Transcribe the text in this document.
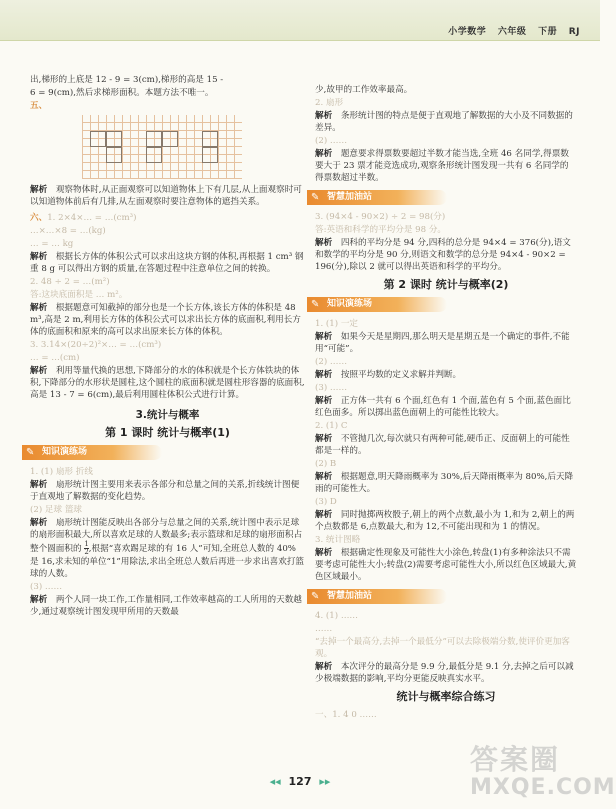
小学数学 六年级 下册 RJ

出,梯形的上底是 12 - 9 = 3(cm),梯形的高是 15 -

6 = 9(cm),然后求梯形面积。本题方法不唯一。

五、

解析　 观察物体时,从正面观察可以知道物体上下有几层,从上面观察时可以知道物体前后有几排,从左面观察时要注意物体的遮挡关系。

六、1. 2×4×… = …(cm³)

…×…×8 = …(kg)

… = … kg

解析　 根据长方体的体积公式可以求出这块方钢的体积,再根据 1 cm³ 钢重 8 g 可以得出方钢的质量,在答题过程中注意单位之间的转换。

2. 48 ÷ 2 = …(m²)

答:这块底面积是 … m²。

解析　 根据题意可知截掉的部分也是一个长方体,该长方体的体积是 48 m³,高是 2 m,利用长方体的体积公式可以求出长方体的底面积,利用长方体的底面积和原来的高可以求出原来长方体的体积。

3. 3.14×(20÷2)²×… = …(cm³)

… = …(cm)

解析　 利用等量代换的思想,下降部分的水的体积就是个长方体铁块的体积,下降部分的水形状是圆柱,这个圆柱的底面积就是圆柱形容器的底面积,高是 13 - 7 = 6(cm),最后利用圆柱体积公式进行计算。

3.统计与概率
第 1 课时 统计与概率(1)
✎ 知识演练场

1. (1) 扇形 折线

解析　 扇形统计图主要用来表示各部分和总量之间的关系,折线统计图便于直观地了解数据的变化趋势。

(2) 足球 篮球

解析　 扇形统计图能反映出各部分与总量之间的关系,统计图中表示足球的扇形面积最大,所以喜欢足球的人数最多;表示篮球和足球的扇形面积占整个圆面积的 $\frac{1}{2}$ ,根据“喜欢踢足球的有 16 人”可知,全班总人数的 40% 是 16,求未知的单位“1”用除法,求出全班总人数后再进一步求出喜欢打篮球的人数。

(3) ……

解析　 两个人同一块工作,工作量相同,工作效率越高的工人所用的天数越少,通过观察统计图发现甲所用的天数最

少,故甲的工作效率最高。

2. 扇形

解析　 条形统计图的特点是便于直观地了解数据的大小及不同数据的差异。

(2) ……

解析　 题意要求得票数要超过半数才能当选,全班 46 名同学,得票数要大于 23 票才能竞选成功,观察条形统计图发现一共有 6 名同学的得票数超过半数。

✎ 智慧加油站

3. (94×4 - 90×2) ÷ 2 = 98(分)

答:英语和科学的平均分是 98 分。

解析　 四科的平均分是 94 分,四科的总分是 94×4 = 376(分),语文和数学的平均分是 90 分,则语文和数学的总分是 94×4 - 90×2 = 196(分),除以 2 就可以得出英语和科学的平均分。

第 2 课时 统计与概率(2)
✎ 知识演练场

1. (1) 一定

解析　 如果今天是星期四,那么明天是星期五是一个确定的事件,不能用“可能”。

(2) ……

解析　 按照平均数的定义求解并判断。

(3) ……

解析　 正方体一共有 6 个面,红色有 1 个面,蓝色有 5 个面,蓝色面比红色面多。所以掷出蓝色面朝上的可能性比较大。

2. (1) C

解析　 不管抛几次,每次就只有两种可能,硬币正、反面朝上的可能性都是一样的。

(2) B

解析　 根据题意,明天降雨概率为 30%,后天降雨概率为 80%,后天降雨的可能性大。

(3) D

解析　 同时抛掷两枚骰子,朝上的两个点数,最小为 1,和为 2,朝上的两个点数都是 6,点数最大,和为 12,不可能出现和为 1 的情况。

3. 统计图略

解析　 根据确定性现象及可能性大小涂色,转盘(1)有多种涂法只不需要考虑可能性大小;转盘(2)需要考虑可能性大小,所以红色区域最大,黄色区域最小。

✎ 智慧加油站

4. (1) ……

……

“去掉一个最高分,去掉一个最低分”可以去除极端分数,使评价更加客观。

解析　 本次评分的最高分是 9.9 分,最低分是 9.1 分,去掉之后可以减少极端数据的影响,平均分更能反映真实水平。

统计与概率综合练习

一、1. 4 0 ……

◂◂ 127 ▸▸
答案圈
MXQE.COM
